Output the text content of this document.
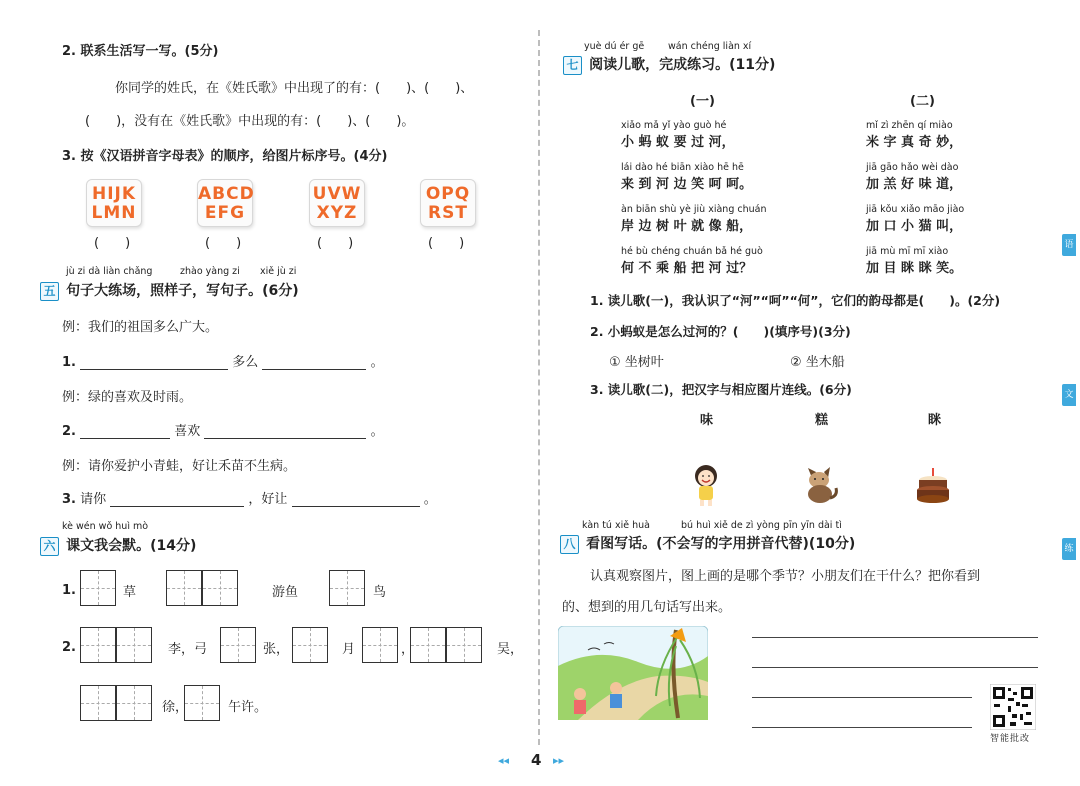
2. 联系生活写一写。(5分)
你同学的姓氏，在《姓氏歌》中出现了的有：(　　)、(　　)、
(　　)，没有在《姓氏歌》中出现的有：(　　)、(　　)。
3. 按《汉语拼音字母表》的顺序，给图片标序号。(4分)
HIJK
LMN
ABCD
EFG
UVW
XYZ
OPQ
RST
(　　)	(　　)	(　　)	(　　)
jù zi dà liàn chǎng	zhào yàng zi xiě jù zi
五 句子大练场，照样子，写句子。(6分)
例：我们的祖国多么广大。
1.	多么	。
例：绿的喜欢及时雨。
2.	喜欢	。
例：请你爱护小青蛙，好让禾苗不生病。
3. 请你	，好让	。
kè wén wǒ huì mò
六 课文我会默。(14分)
1.	草	游鱼	鸟
2.	李，弓	张，	月	，	吴，
徐，	午许。
yuè dú ér gē	wán chéng liàn xí
七 阅读儿歌，完成练习。(11分)
(一)	(二)
xiǎo mǎ yǐ yào guò hé
小 蚂 蚁 要 过 河，
lái dào hé biān xiào hē hē
来 到 河 边 笑 呵 呵。
àn biān shù yè jiù xiàng chuán
岸 边 树 叶 就 像 船，
hé bù chéng chuán bǎ hé guò
何 不 乘 船 把 河 过？
mǐ zì zhēn qí miào
米 字 真 奇 妙，
jiā gāo hǎo wèi dào
加 羔 好 味 道，
jiā kǒu xiǎo māo jiào
加 口 小 猫 叫，
jiā mù mī mī xiào
加 目 眯 眯 笑。
1. 读儿歌(一)，我认识了“河”“呵”“何”，它们的韵母都是(　　)。(2分)
2. 小蚂蚁是怎么过河的？(　　)(填序号)(3分)
① 坐树叶	② 坐木船
3. 读儿歌(二)，把汉字与相应图片连线。(6分)
味	糕	眯
kàn tú xiě huà	bú huì xiě de zì yòng pīn yīn dài tì
八 看图写话。(不会写的字用拼音代替)(10分)
认真观察图片，图上画的是哪个季节？小朋友们在干什么？把你看到
的、想到的用几句话写出来。
智能批改
语
文
练
◂◂ 4 ▸▸
